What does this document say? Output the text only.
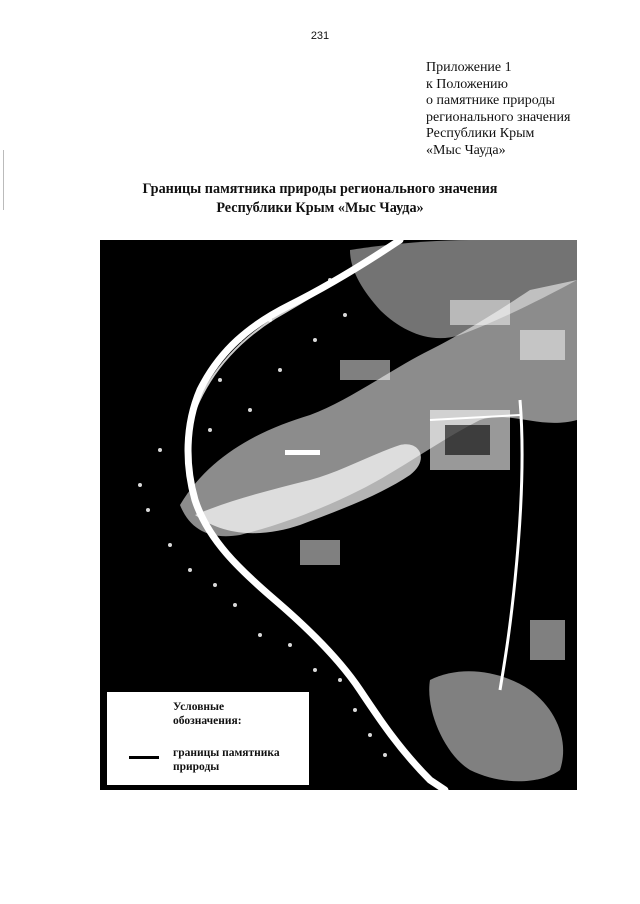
231
Приложение 1
к Положению
о памятнике природы
регионального значения
Республики Крым
«Мыс Чауда»
Границы памятника природы регионального значения
Республики Крым «Мыс Чауда»
Условные
обозначения:
границы памятника
природы
